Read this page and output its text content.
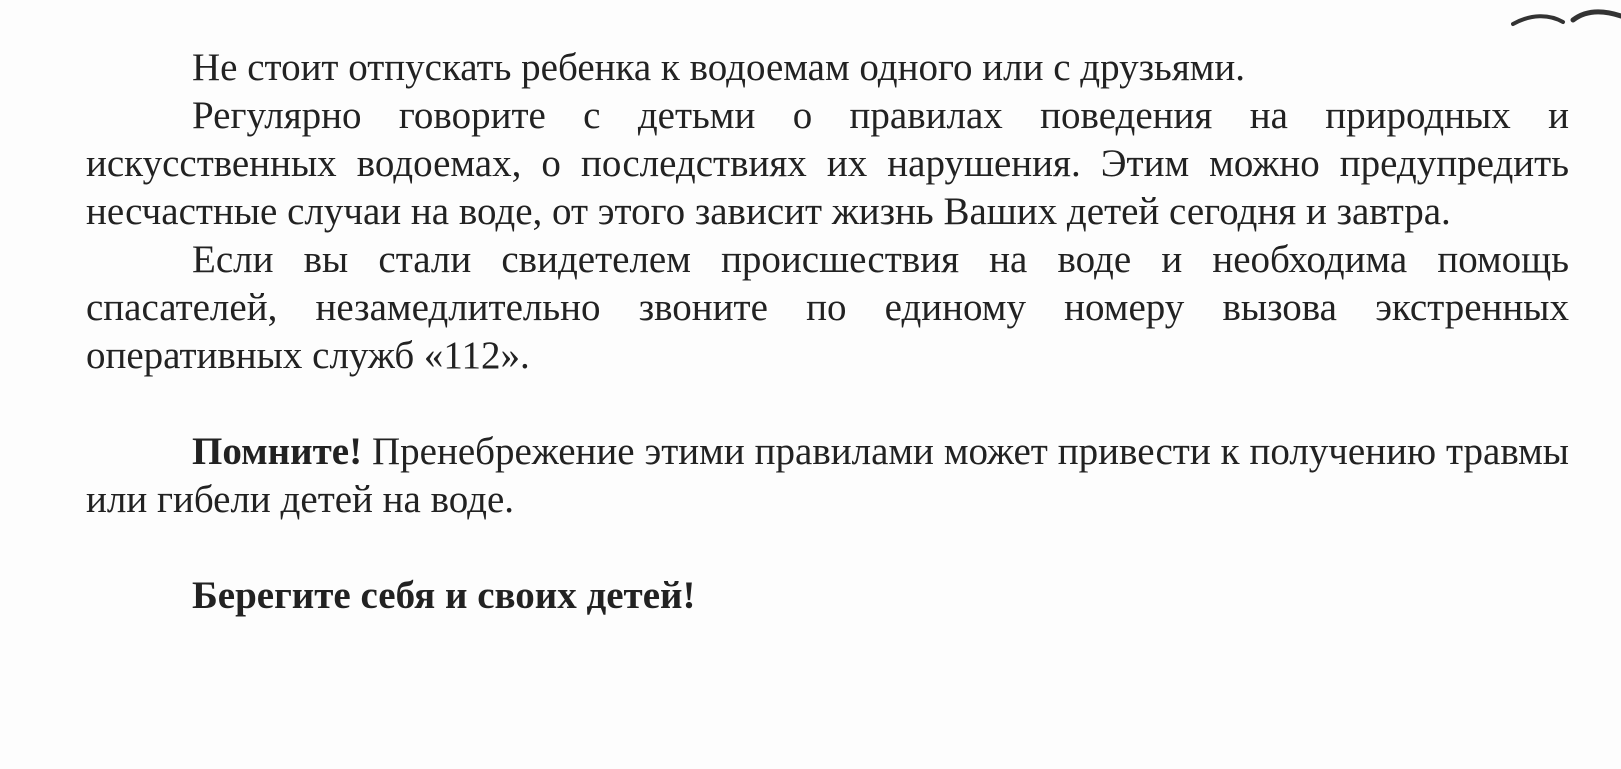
Не стоит отпускать ребенка к водоемам одного или с друзьями.

Регулярно говорите с детьми о правилах поведения на природных и искусственных водоемах, о последствиях их нарушения. Этим можно предупредить несчастные случаи на воде, от этого зависит жизнь Ваших детей сегодня и завтра.

Если вы стали свидетелем происшествия на воде и необходима помощь спасателей, незамедлительно звоните по единому номеру вызова экстренных оперативных служб «112».

Помните! Пренебрежение этими правилами может привести к получению травмы или гибели детей на воде.

Берегите себя и своих детей!
